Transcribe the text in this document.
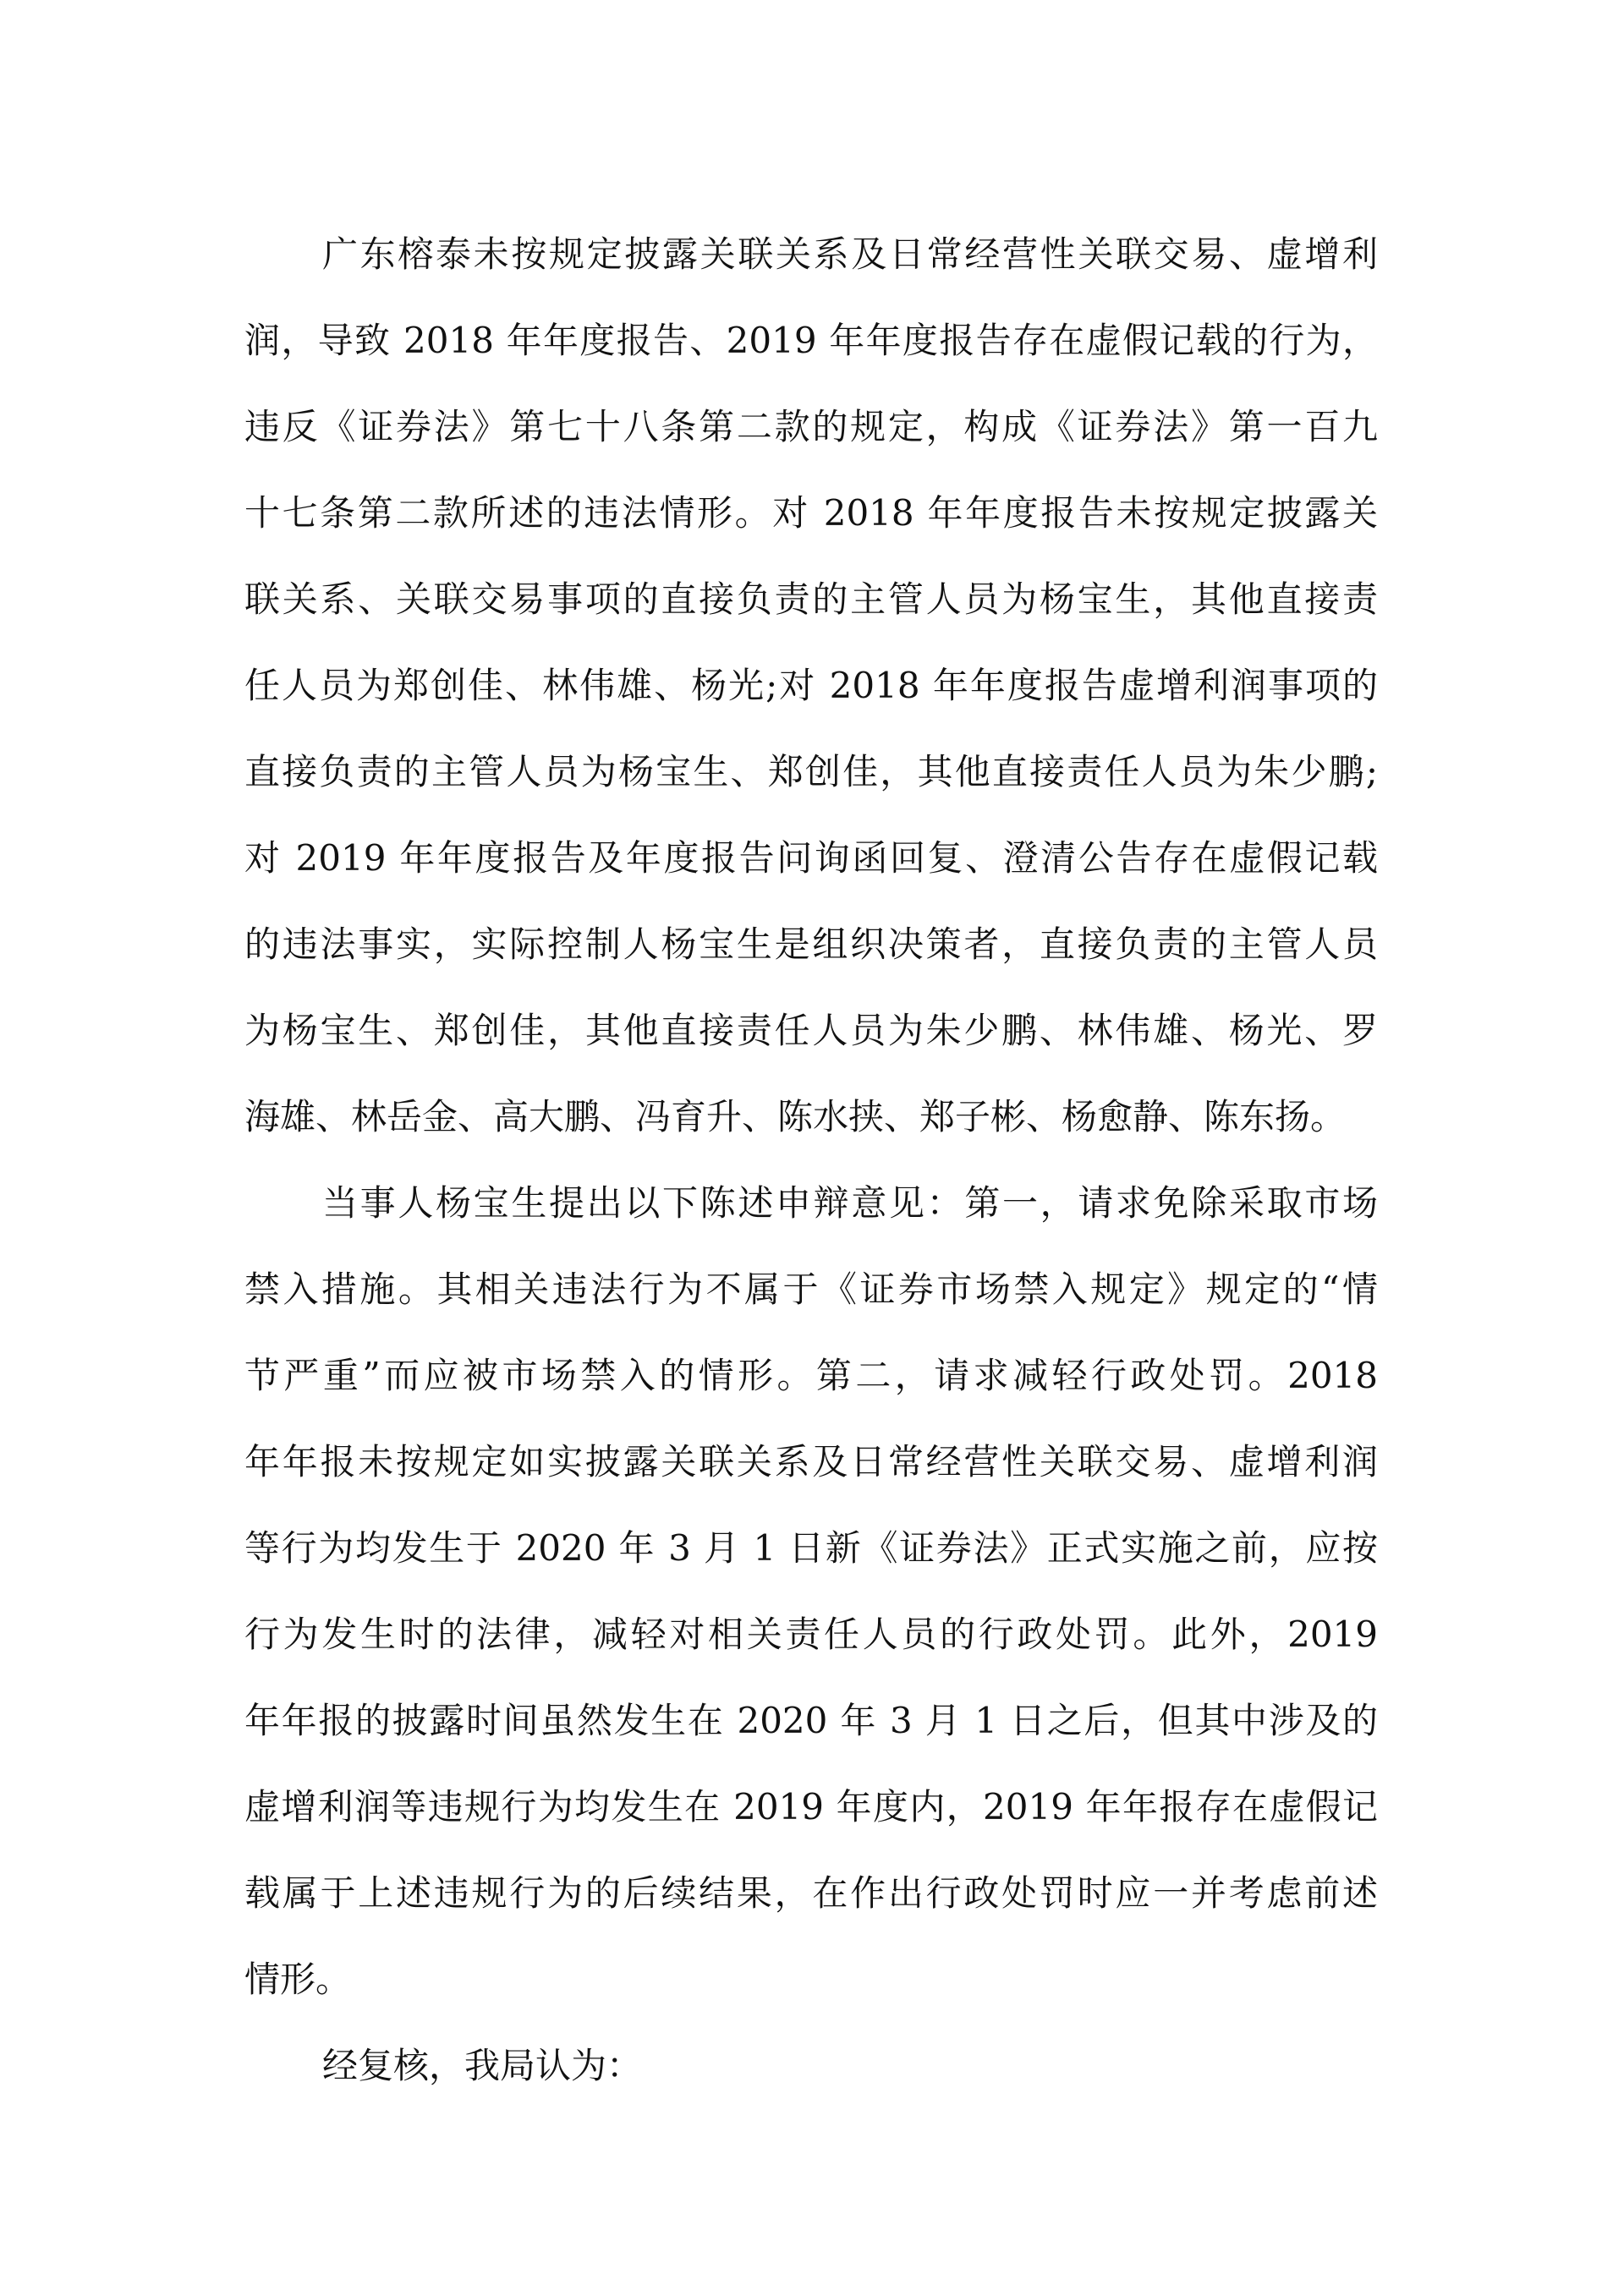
广东榕泰未按规定披露关联关系及日常经营性关联交易、虚增利
润，导致 2018 年年度报告、2019 年年度报告存在虚假记载的行为，
违反《证券法》第七十八条第二款的规定，构成《证券法》第一百九
十七条第二款所述的违法情形。对 2018 年年度报告未按规定披露关
联关系、关联交易事项的直接负责的主管人员为杨宝生，其他直接责
任人员为郑创佳、林伟雄、杨光;对 2018 年年度报告虚增利润事项的
直接负责的主管人员为杨宝生、郑创佳，其他直接责任人员为朱少鹏;
对 2019 年年度报告及年度报告问询函回复、澄清公告存在虚假记载
的违法事实，实际控制人杨宝生是组织决策者，直接负责的主管人员
为杨宝生、郑创佳，其他直接责任人员为朱少鹏、林伟雄、杨光、罗
海雄、林岳金、高大鹏、冯育升、陈水挟、郑子彬、杨愈静、陈东扬。
当事人杨宝生提出以下陈述申辩意见：第一，请求免除采取市场
禁入措施。其相关违法行为不属于《证券市场禁入规定》规定的“情
节严重”而应被市场禁入的情形。第二，请求减轻行政处罚。2018
年年报未按规定如实披露关联关系及日常经营性关联交易、虚增利润
等行为均发生于 2020 年 3 月 1 日新《证券法》正式实施之前，应按
行为发生时的法律，减轻对相关责任人员的行政处罚。此外，2019
年年报的披露时间虽然发生在 2020 年 3 月 1 日之后，但其中涉及的
虚增利润等违规行为均发生在 2019 年度内，2019 年年报存在虚假记
载属于上述违规行为的后续结果，在作出行政处罚时应一并考虑前述
情形。
经复核，我局认为：
